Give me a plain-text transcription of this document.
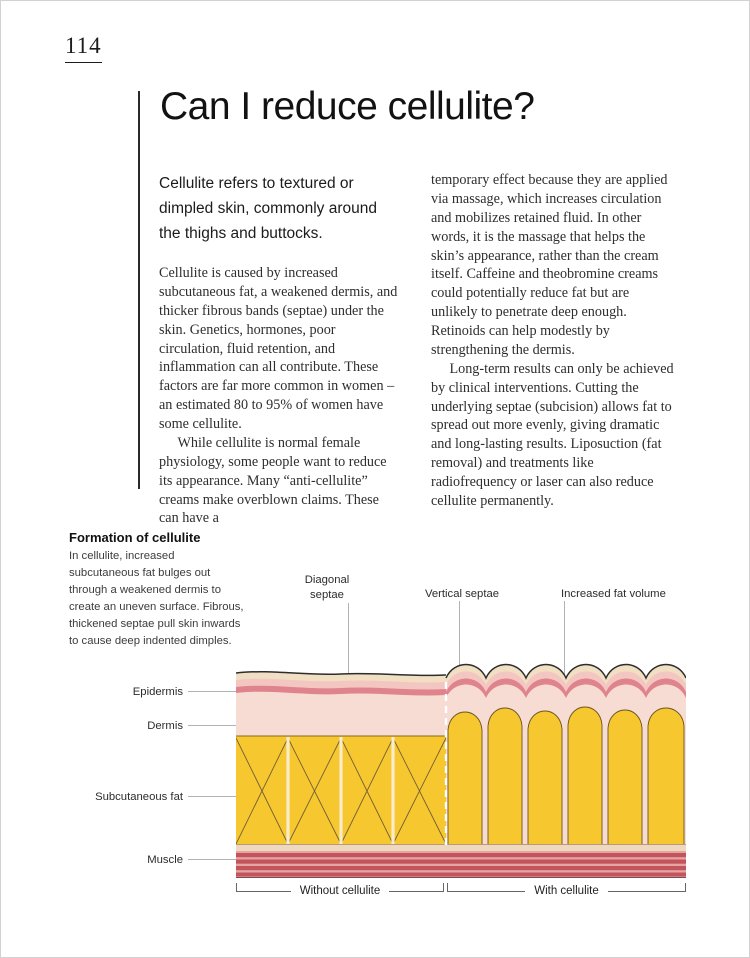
114
Can I reduce cellulite?
Cellulite refers to textured or dimpled skin, commonly around the thighs and buttocks.

Cellulite is caused by increased subcutaneous fat, a weakened dermis, and thicker fibrous bands (septae) under the skin. Genetics, hormones, poor circulation, fluid retention, and inflammation can all contribute. These factors are far more common in women – an estimated 80 to 95% of women have some cellulite.

While cellulite is normal female physiology, some people want to reduce its appearance. Many “anti-cellulite” creams make overblown claims. These can have a

temporary effect because they are applied via massage, which increases circulation and mobilizes retained fluid. In other words, it is the massage that helps the skin’s appearance, rather than the cream itself. Caffeine and theobromine creams could potentially reduce fat but are unlikely to penetrate deep enough. Retinoids can help modestly by strengthening the dermis.

Long-term results can only be achieved by clinical interventions. Cutting the underlying septae (subcision) allows fat to spread out more evenly, giving dramatic and long-lasting results. Liposuction (fat removal) and treatments like radiofrequency or laser can also reduce cellulite permanently.

Formation of cellulite
In cellulite, increased subcutaneous fat bulges out through a weakened dermis to create an uneven surface. Fibrous, thickened septae pull skin inwards to cause deep indented dimples.
Diagonal septae	Vertical septae	Increased fat volume
Epidermis
Dermis
Subcutaneous fat
Muscle
Without cellulite	With cellulite
